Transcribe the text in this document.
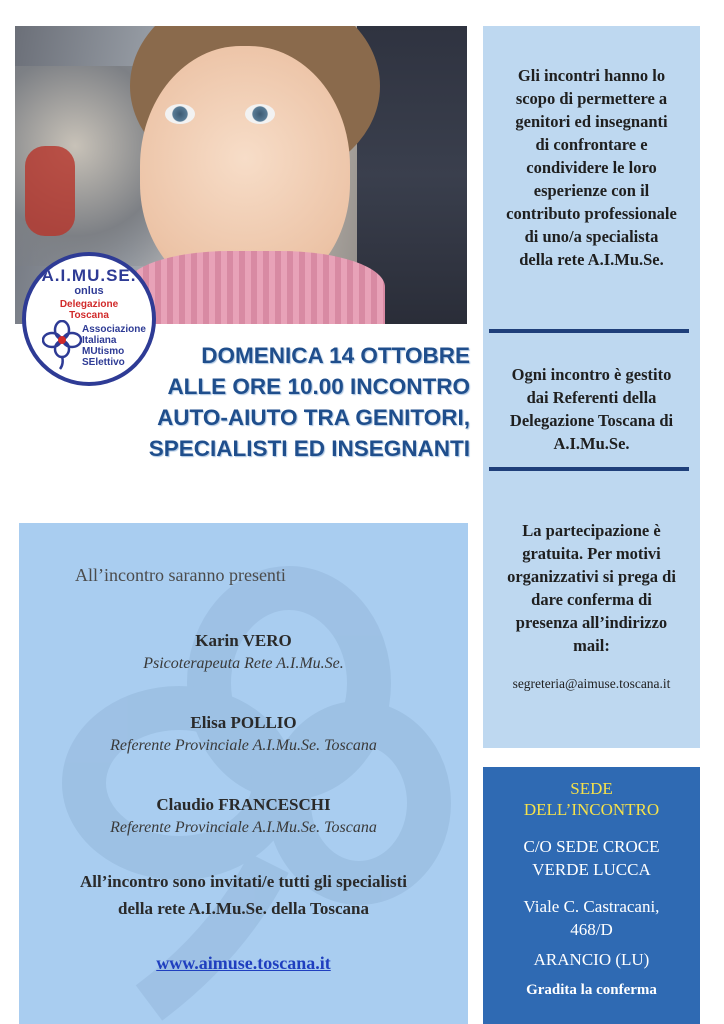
A.I.MU.SE.
onlus
Delegazione
Toscana
Associazione
Italiana
MUtismo
SElettivo	DOMENICA 14 OTTOBRE
ALLE ORE 10.00 INCONTRO
AUTO-AIUTO TRA GENITORI,
SPECIALISTI ED INSEGNANTI
All’incontro saranno presenti
Karin VERO
Psicoterapeuta Rete A.I.Mu.Se.
Elisa POLLIO
Referente Provinciale A.I.Mu.Se. Toscana
Claudio FRANCESCHI
Referente Provinciale A.I.Mu.Se. Toscana
All’incontro sono invitati/e tutti gli specialisti
della rete A.I.Mu.Se. della Toscana
www.aimuse.toscana.it
Gli incontri hanno lo
scopo di permettere a
genitori ed insegnanti
di confrontare e
condividere le loro
esperienze con il
contributo professionale
di uno/a specialista
della rete A.I.Mu.Se.
Ogni incontro è gestito
dai Referenti della
Delegazione Toscana di
A.I.Mu.Se.
La partecipazione è
gratuita. Per motivi
organizzativi si prega di
dare conferma di
presenza all’indirizzo
mail:
segreteria@aimuse.toscana.it
SEDE
DELL’INCONTRO
C/O SEDE CROCE
VERDE LUCCA
Viale C. Castracani,
468/D
ARANCIO (LU)
Gradita la conferma
